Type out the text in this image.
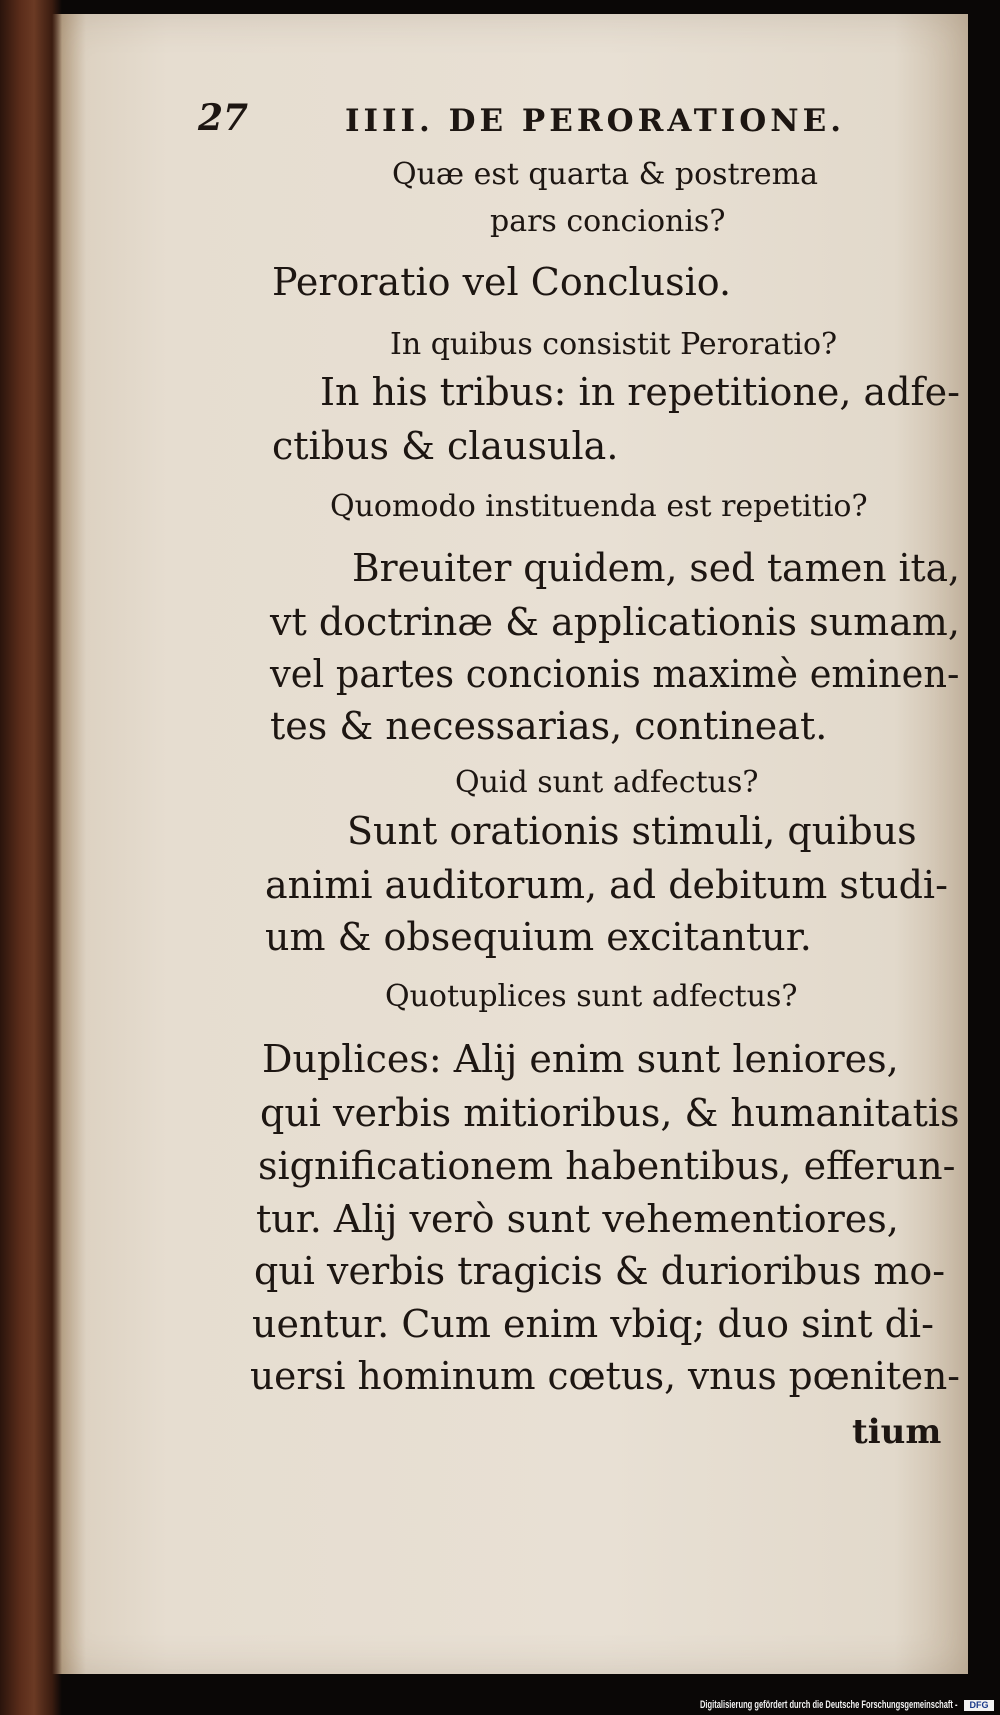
27	IIII. DE PERORATIONE.
Quæ est quarta & postrema
pars concionis?
Peroratio vel Conclusio.
In quibus consistit Peroratio?
In his tribus: in repetitione, adfe-
ctibus & clausula.
Quomodo instituenda est repetitio?
Breuiter quidem, sed tamen ita,
vt doctrinæ & applicationis sumam,
vel partes concionis maximè eminen-
tes & necessarias, contineat.
Quid sunt adfectus?
Sunt orationis stimuli, quibus
animi auditorum, ad debitum studi-
um & obsequium excitantur.
Quotuplices sunt adfectus?
Duplices: Alij enim sunt leniores,
qui verbis mitioribus, & humanitatis
significationem habentibus, efferun-
tur. Alij verò sunt vehementiores,
qui verbis tragicis & durioribus mo-
uentur. Cum enim vbiq; duo sint di-
uersi hominum cœtus, vnus pœniten-
tium
Digitalisierung gefördert durch die Deutsche Forschungsgemeinschaft -	DFG
